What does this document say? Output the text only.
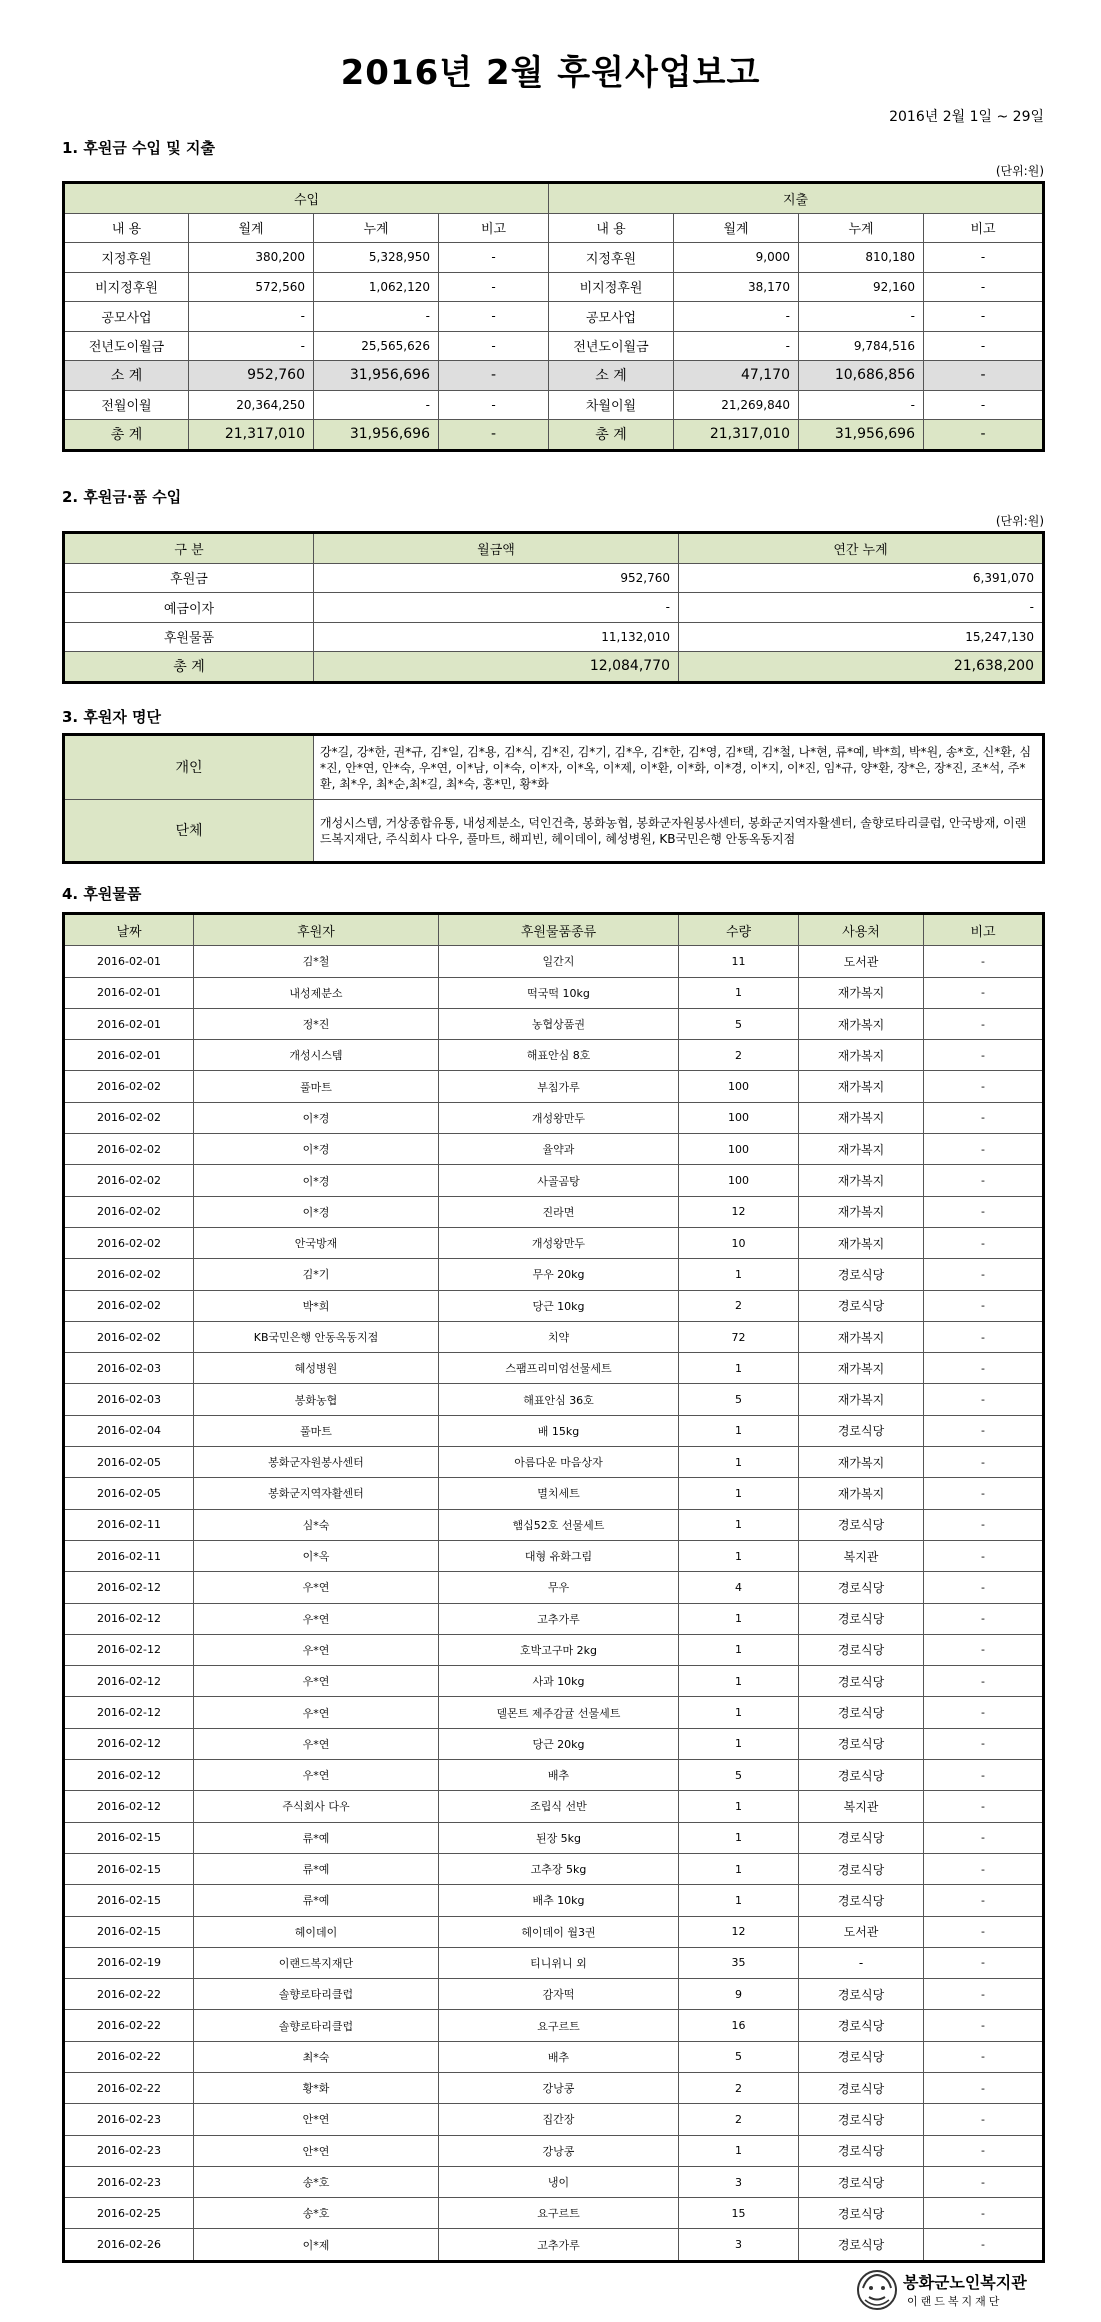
2016년 2월 후원사업보고
2016년 2월 1일 ~ 29일
1. 후원금 수입 및 지출
(단위:원)
수입				지출			
내 용	월계	누계	비고	내 용	월계	누계	비고
지정후원	380,200	5,328,950	-	지정후원	9,000	810,180	-
비지정후원	572,560	1,062,120	-	비지정후원	38,170	92,160	-
공모사업	-	-	-	공모사업	-	-	-
전년도이월금	-	25,565,626	-	전년도이월금	-	9,784,516	-
소 계	952,760	31,956,696	-	소 계	47,170	10,686,856	-
전월이월	20,364,250	-	-	차월이월	21,269,840	-	-
총 계	21,317,010	31,956,696	-	총 계	21,317,010	31,956,696	-
2. 후원금·품 수입
(단위:원)
구 분	월금액	연간 누계
후원금	952,760	6,391,070
예금이자	-	-
후원물품	11,132,010	15,247,130
총 계	12,084,770	21,638,200
3. 후원자 명단
개인	강*길, 강*한, 권*규, 김*일, 김*용, 김*식, 김*진, 김*기, 김*우, 김*한, 김*영, 김*택, 김*철, 나*현, 류*예, 박*희, 박*원, 송*호, 신*환, 심*진, 안*연, 안*숙, 우*연, 이*남, 이*숙, 이*자, 이*옥, 이*제, 이*환, 이*화, 이*경, 이*지, 이*진, 임*규, 양*환, 장*은, 장*진, 조*석, 주*환, 최*우, 최*순,최*길, 최*숙, 홍*민, 황*화
단체	개성시스템, 거상종합유통, 내성제분소, 덕인건축, 봉화농협, 봉화군자원봉사센터, 봉화군지역자활센터, 솔향로타리클럽, 안국방재, 이랜드복지재단, 주식회사 다우, 풀마트, 해피빈, 헤이데이, 혜성병원, KB국민은행 안동옥동지점
4. 후원물품
날짜	후원자	후원물품종류	수량	사용처	비고
2016-02-01	김*철	일간지	11	도서관	-
2016-02-01	내성제분소	떡국떡 10kg	1	재가복지	-
2016-02-01	정*진	농협상품권	5	재가복지	-
2016-02-01	개성시스템	해표안심 8호	2	재가복지	-
2016-02-02	풀마트	부침가루	100	재가복지	-
2016-02-02	이*경	개성왕만두	100	재가복지	-
2016-02-02	이*경	율약과	100	재가복지	-
2016-02-02	이*경	사골곰탕	100	재가복지	-
2016-02-02	이*경	진라면	12	재가복지	-
2016-02-02	안국방재	개성왕만두	10	재가복지	-
2016-02-02	김*기	무우 20kg	1	경로식당	-
2016-02-02	박*희	당근 10kg	2	경로식당	-
2016-02-02	KB국민은행 안동옥동지점	치약	72	재가복지	-
2016-02-03	혜성병원	스팸프리미엄선물세트	1	재가복지	-
2016-02-03	봉화농협	해표안심 36호	5	재가복지	-
2016-02-04	풀마트	배 15kg	1	경로식당	-
2016-02-05	봉화군자원봉사센터	아름다운 마음상자	1	재가복지	-
2016-02-05	봉화군지역자활센터	멸치세트	1	재가복지	-
2016-02-11	심*숙	햄십52호 선물세트	1	경로식당	-
2016-02-11	이*옥	대형 유화그림	1	복지관	-
2016-02-12	우*연	무우	4	경로식당	-
2016-02-12	우*연	고추가루	1	경로식당	-
2016-02-12	우*연	호박고구마 2kg	1	경로식당	-
2016-02-12	우*연	사과 10kg	1	경로식당	-
2016-02-12	우*연	델몬트 제주감귤 선물세트	1	경로식당	-
2016-02-12	우*연	당근 20kg	1	경로식당	-
2016-02-12	우*연	배추	5	경로식당	-
2016-02-12	주식회사 다우	조립식 선반	1	복지관	-
2016-02-15	류*예	된장 5kg	1	경로식당	-
2016-02-15	류*예	고추장 5kg	1	경로식당	-
2016-02-15	류*예	배추 10kg	1	경로식당	-
2016-02-15	헤이데이	헤이데이 월3권	12	도서관	-
2016-02-19	이랜드복지재단	티니위니 외	35	-	-
2016-02-22	솔향로타리클럽	감자떡	9	경로식당	-
2016-02-22	솔향로타리클럽	요구르트	16	경로식당	-
2016-02-22	최*숙	배추	5	경로식당	-
2016-02-22	황*화	강낭콩	2	경로식당	-
2016-02-23	안*연	집간장	2	경로식당	-
2016-02-23	안*연	강낭콩	1	경로식당	-
2016-02-23	송*호	냉이	3	경로식당	-
2016-02-25	송*호	요구르트	15	경로식당	-
2016-02-26	이*제	고추가루	3	경로식당	-
봉화군노인복지관
이랜드복지재단
